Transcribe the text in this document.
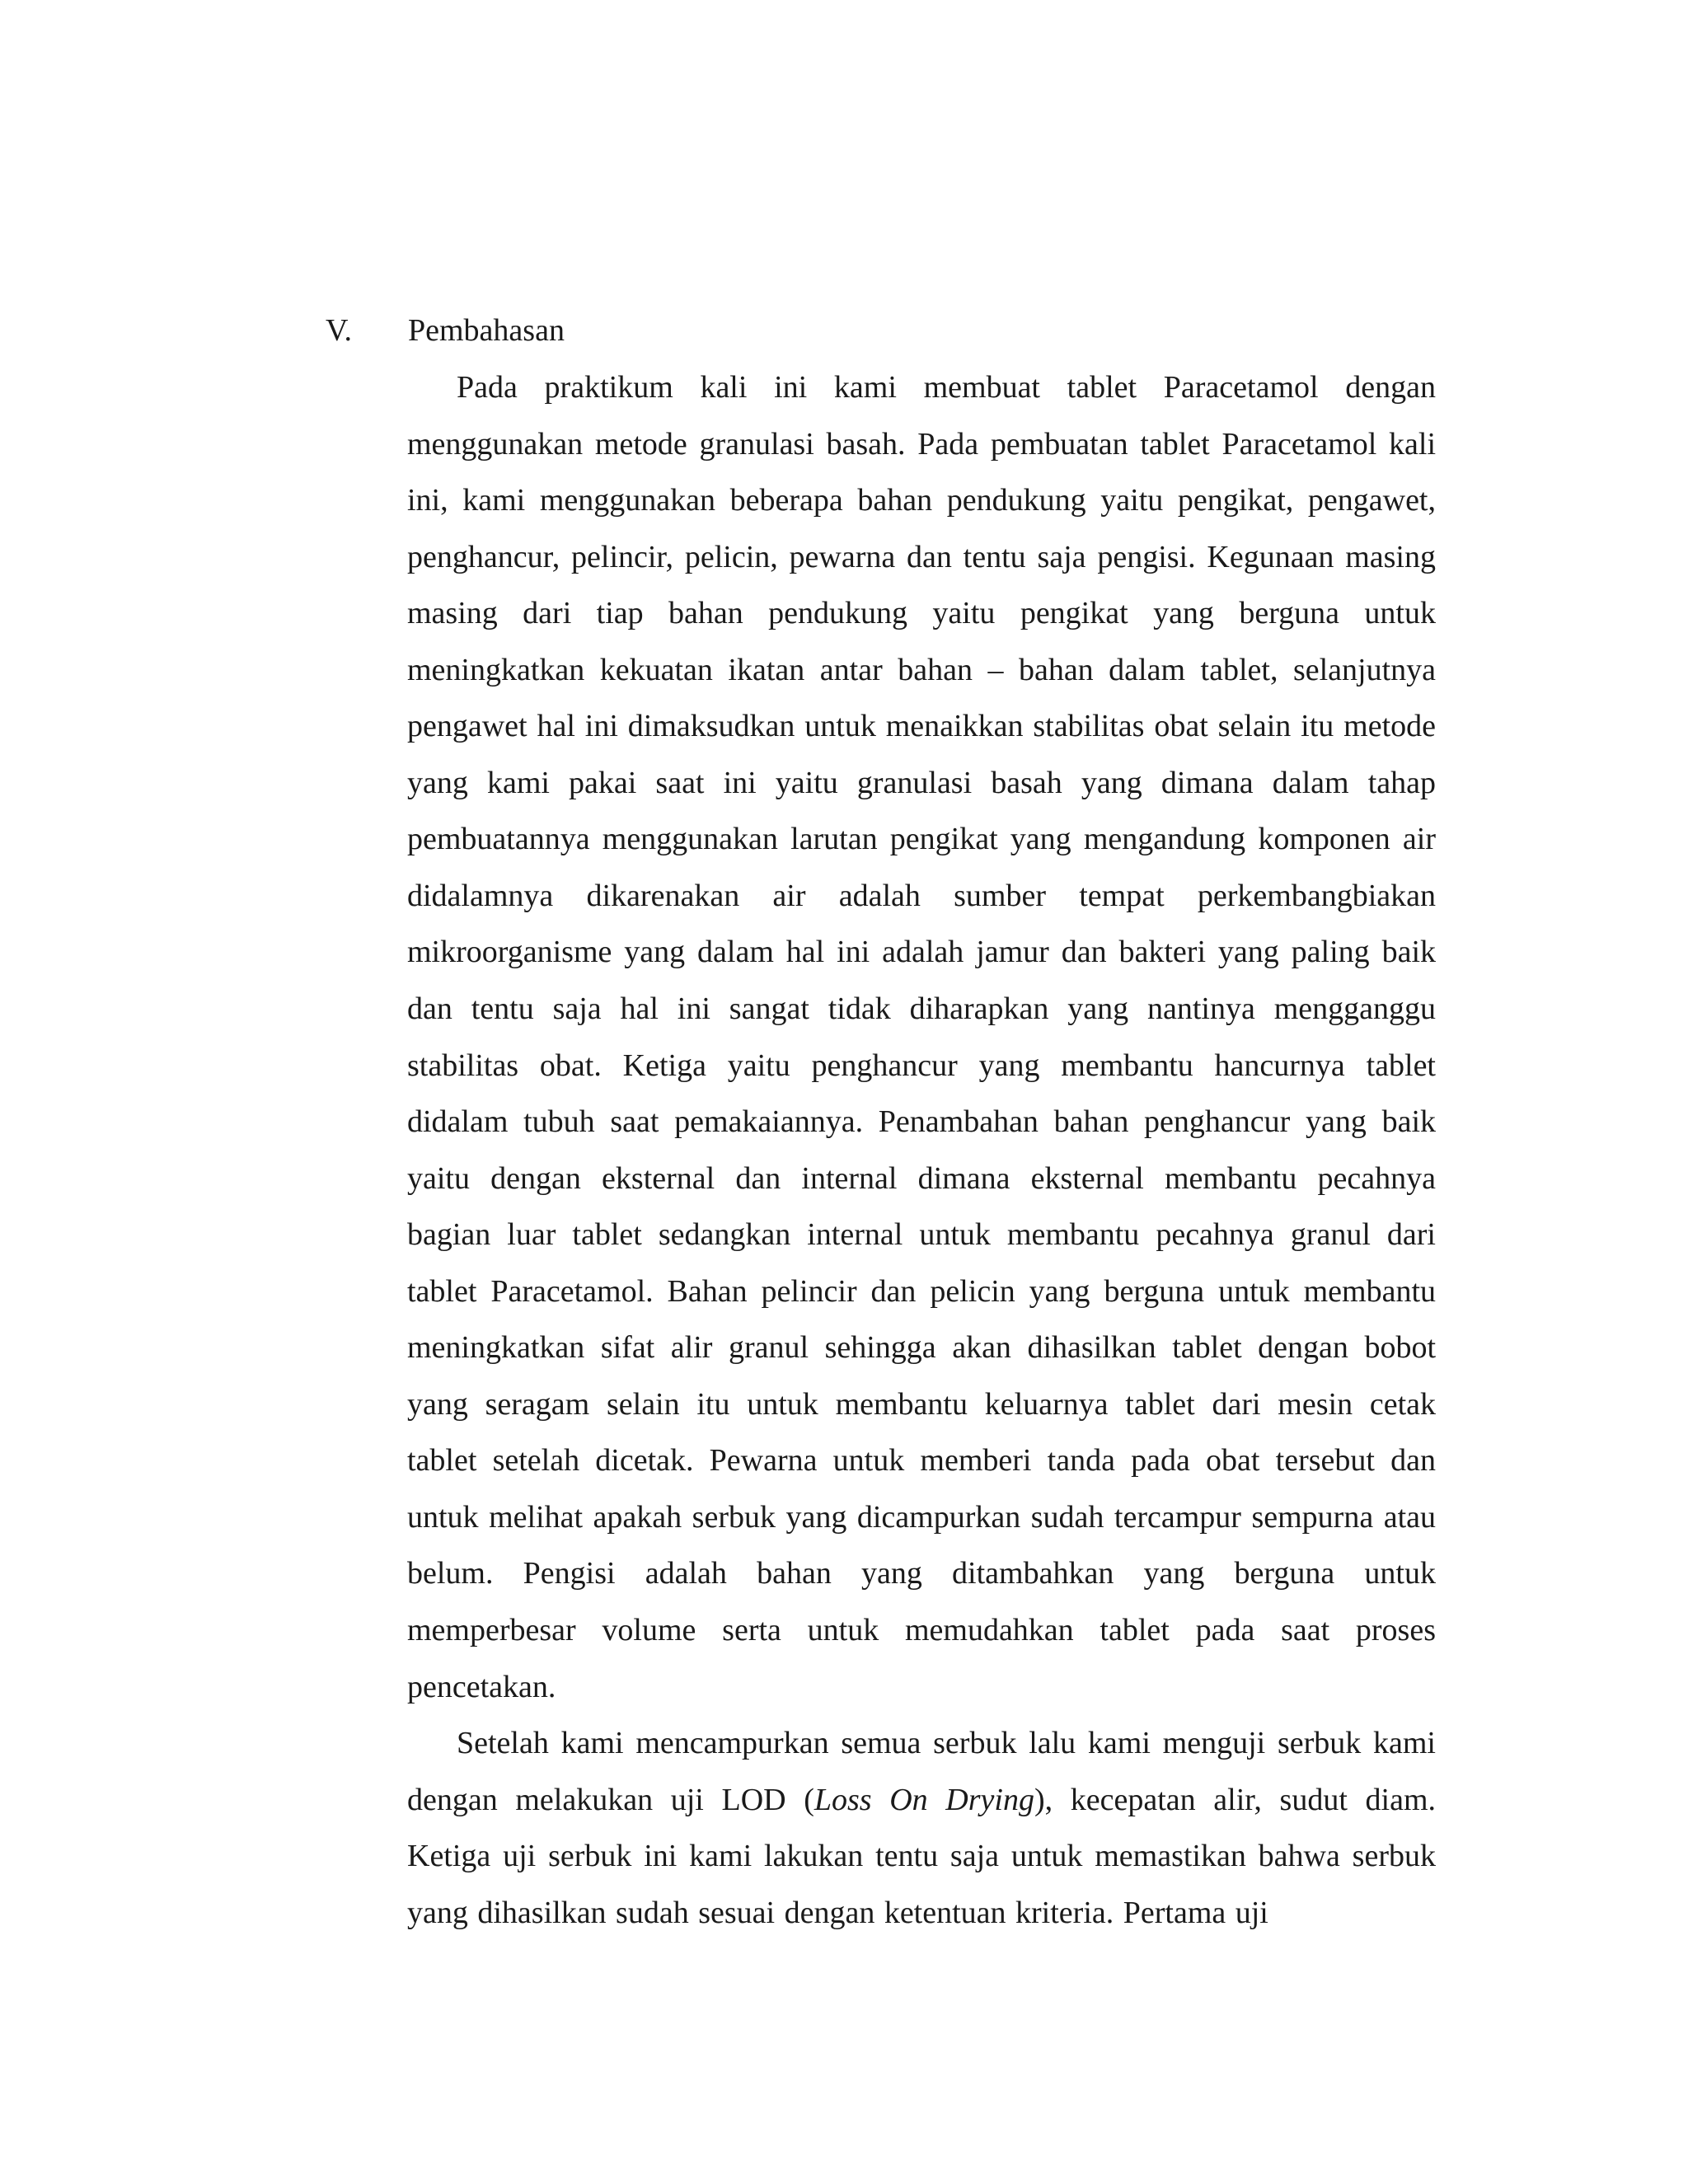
V. Pembahasan

Pada praktikum kali ini kami membuat tablet Paracetamol dengan menggunakan metode granulasi basah. Pada pembuatan tablet Paracetamol kali ini, kami menggunakan beberapa bahan pendukung yaitu pengikat, pengawet, penghancur, pelincir, pelicin, pewarna dan tentu saja pengisi. Kegunaan masing masing dari tiap bahan pendukung yaitu pengikat yang berguna untuk meningkatkan kekuatan ikatan antar bahan – bahan dalam tablet, selanjutnya pengawet hal ini dimaksudkan untuk menaikkan stabilitas obat selain itu metode yang kami pakai saat ini yaitu granulasi basah yang dimana dalam tahap pembuatannya menggunakan larutan pengikat yang mengandung komponen air didalamnya dikarenakan air adalah sumber tempat perkembangbiakan mikroorganisme yang dalam hal ini adalah jamur dan bakteri yang paling baik dan tentu saja hal ini sangat tidak diharapkan yang nantinya mengganggu stabilitas obat. Ketiga yaitu penghancur yang membantu hancurnya tablet didalam tubuh saat pemakaiannya. Penambahan bahan penghancur yang baik yaitu dengan eksternal dan internal dimana eksternal membantu pecahnya bagian luar tablet sedangkan internal untuk membantu pecahnya granul dari tablet Paracetamol. Bahan pelincir dan pelicin yang berguna untuk membantu meningkatkan sifat alir granul sehingga akan dihasilkan tablet dengan bobot yang seragam selain itu untuk membantu keluarnya tablet dari mesin cetak tablet setelah dicetak. Pewarna untuk memberi tanda pada obat tersebut dan untuk melihat apakah serbuk yang dicampurkan sudah tercampur sempurna atau belum. Pengisi adalah bahan yang ditambahkan yang berguna untuk memperbesar volume serta untuk memudahkan tablet pada saat proses pencetakan.

Setelah kami mencampurkan semua serbuk lalu kami menguji serbuk kami dengan melakukan uji LOD (Loss On Drying), kecepatan alir, sudut diam. Ketiga uji serbuk ini kami lakukan tentu saja untuk memastikan bahwa serbuk yang dihasilkan sudah sesuai dengan ketentuan kriteria. Pertama uji
